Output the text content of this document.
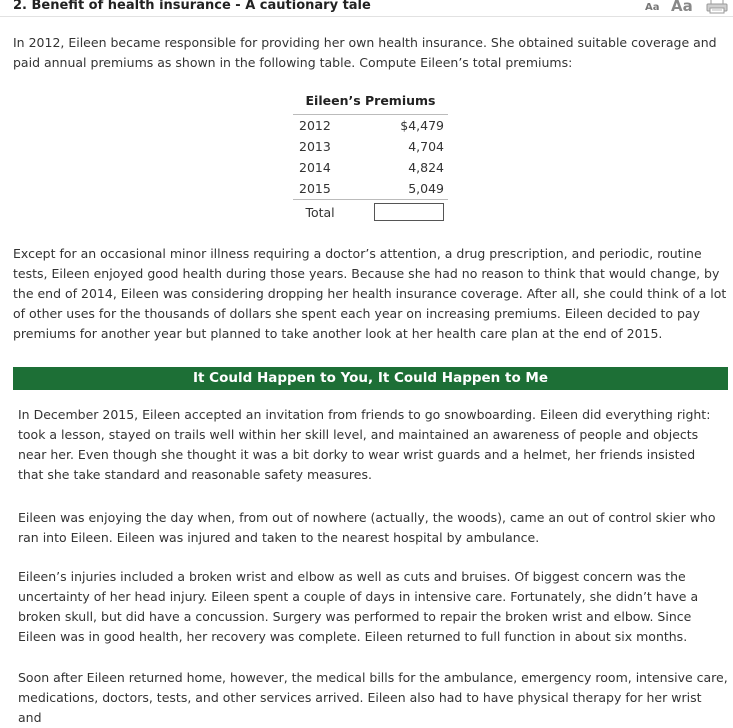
2. Benefit of health insurance - A cautionary tale	Aa Aa

In 2012, Eileen became responsible for providing her own health insurance. She obtained suitable coverage and paid annual premiums as shown in the following table. Compute Eileen’s total premiums:

Eileen’s Premiums
2012	$4,479
2013	4,704
2014	4,824
2015	5,049
Total	

Except for an occasional minor illness requiring a doctor’s attention, a drug prescription, and periodic, routine tests, Eileen enjoyed good health during those years. Because she had no reason to think that would change, by the end of 2014, Eileen was considering dropping her health insurance coverage. After all, she could think of a lot of other uses for the thousands of dollars she spent each year on increasing premiums. Eileen decided to pay premiums for another year but planned to take another look at her health care plan at the end of 2015.

It Could Happen to You, It Could Happen to Me

In December 2015, Eileen accepted an invitation from friends to go snowboarding. Eileen did everything right: took a lesson, stayed on trails well within her skill level, and maintained an awareness of people and objects near her. Even though she thought it was a bit dorky to wear wrist guards and a helmet, her friends insisted that she take standard and reasonable safety measures.

Eileen was enjoying the day when, from out of nowhere (actually, the woods), came an out of control skier who ran into Eileen. Eileen was injured and taken to the nearest hospital by ambulance.

Eileen’s injuries included a broken wrist and elbow as well as cuts and bruises. Of biggest concern was the uncertainty of her head injury. Eileen spent a couple of days in intensive care. Fortunately, she didn’t have a broken skull, but did have a concussion. Surgery was performed to repair the broken wrist and elbow. Since Eileen was in good health, her recovery was complete. Eileen returned to full function in about six months.

Soon after Eileen returned home, however, the medical bills for the ambulance, emergency room, intensive care, medications, doctors, tests, and other services arrived. Eileen also had to have physical therapy for her wrist and
